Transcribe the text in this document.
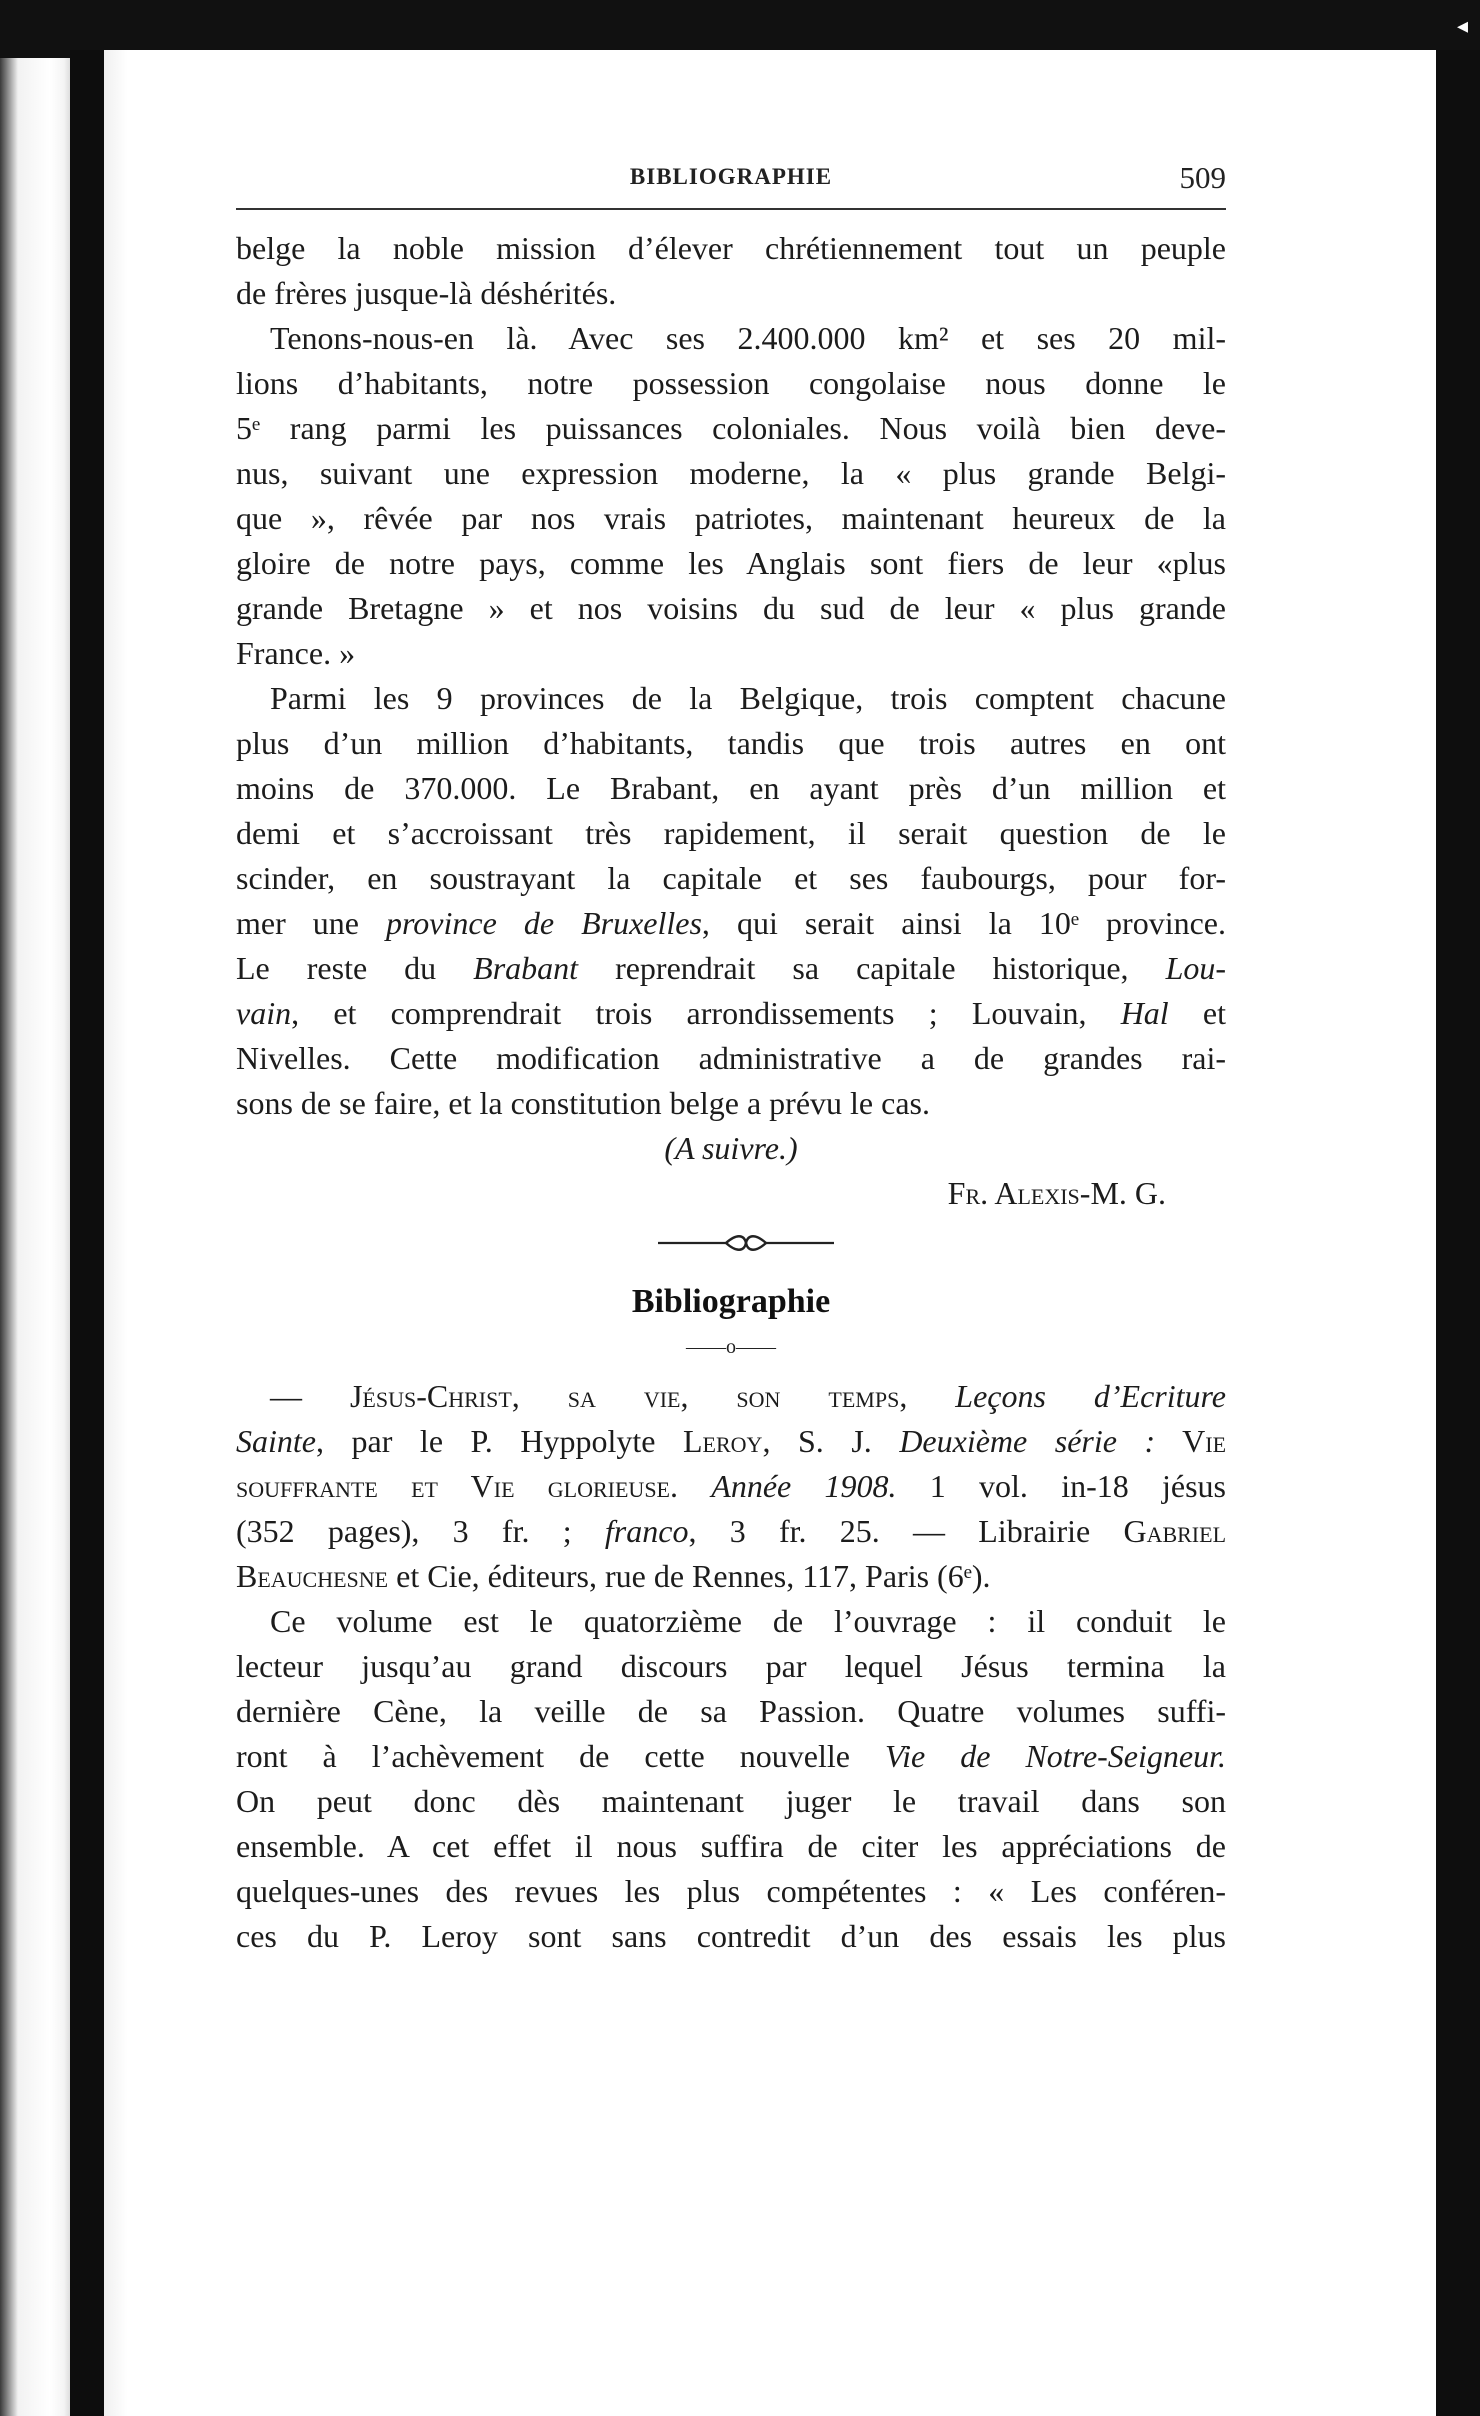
◂
BIBLIOGRAPHIE	509
belge la noble mission d’élever chrétiennement tout un peuple
de frères jusque-là déshérités.
Tenons-nous-en là. Avec ses 2.400.000 km² et ses 20 mil-
lions d’habitants, notre possession congolaise nous donne le
5ᵉ rang parmi les puissances coloniales. Nous voilà bien deve-
nus, suivant une expression moderne, la « plus grande Belgi-
que », rêvée par nos vrais patriotes, maintenant heureux de la
gloire de notre pays, comme les Anglais sont fiers de leur «plus
grande Bretagne » et nos voisins du sud de leur « plus grande
France. »
Parmi les 9 provinces de la Belgique, trois comptent chacune
plus d’un million d’habitants, tandis que trois autres en ont
moins de 370.000. Le Brabant, en ayant près d’un million et
demi et s’accroissant très rapidement, il serait question de le
scinder, en soustrayant la capitale et ses faubourgs, pour for-
mer une province de Bruxelles, qui serait ainsi la 10ᵉ province.
Le reste du Brabant reprendrait sa capitale historique, Lou-
vain, et comprendrait trois arrondissements ; Louvain, Hal et
Nivelles. Cette modification administrative a de grandes rai-
sons de se faire, et la constitution belge a prévu le cas.
(A suivre.)
Fr. Alexis-M. G.
Bibliographie
——o——
— Jésus-Christ, sa vie, son temps, Leçons d’Ecriture
Sainte, par le P. Hyppolyte Leroy, S. J. Deuxième série : Vie
souffrante et Vie glorieuse. Année 1908. 1 vol. in-18 jésus
(352 pages), 3 fr. ; franco, 3 fr. 25. — Librairie Gabriel
Beauchesne et Cie, éditeurs, rue de Rennes, 117, Paris (6ᵉ).
Ce volume est le quatorzième de l’ouvrage : il conduit le
lecteur jusqu’au grand discours par lequel Jésus termina la
dernière Cène, la veille de sa Passion. Quatre volumes suffi-
ront à l’achèvement de cette nouvelle Vie de Notre-Seigneur.
On peut donc dès maintenant juger le travail dans son
ensemble. A cet effet il nous suffira de citer les appréciations de
quelques-unes des revues les plus compétentes : « Les conféren-
ces du P. Leroy sont sans contredit d’un des essais les plus
